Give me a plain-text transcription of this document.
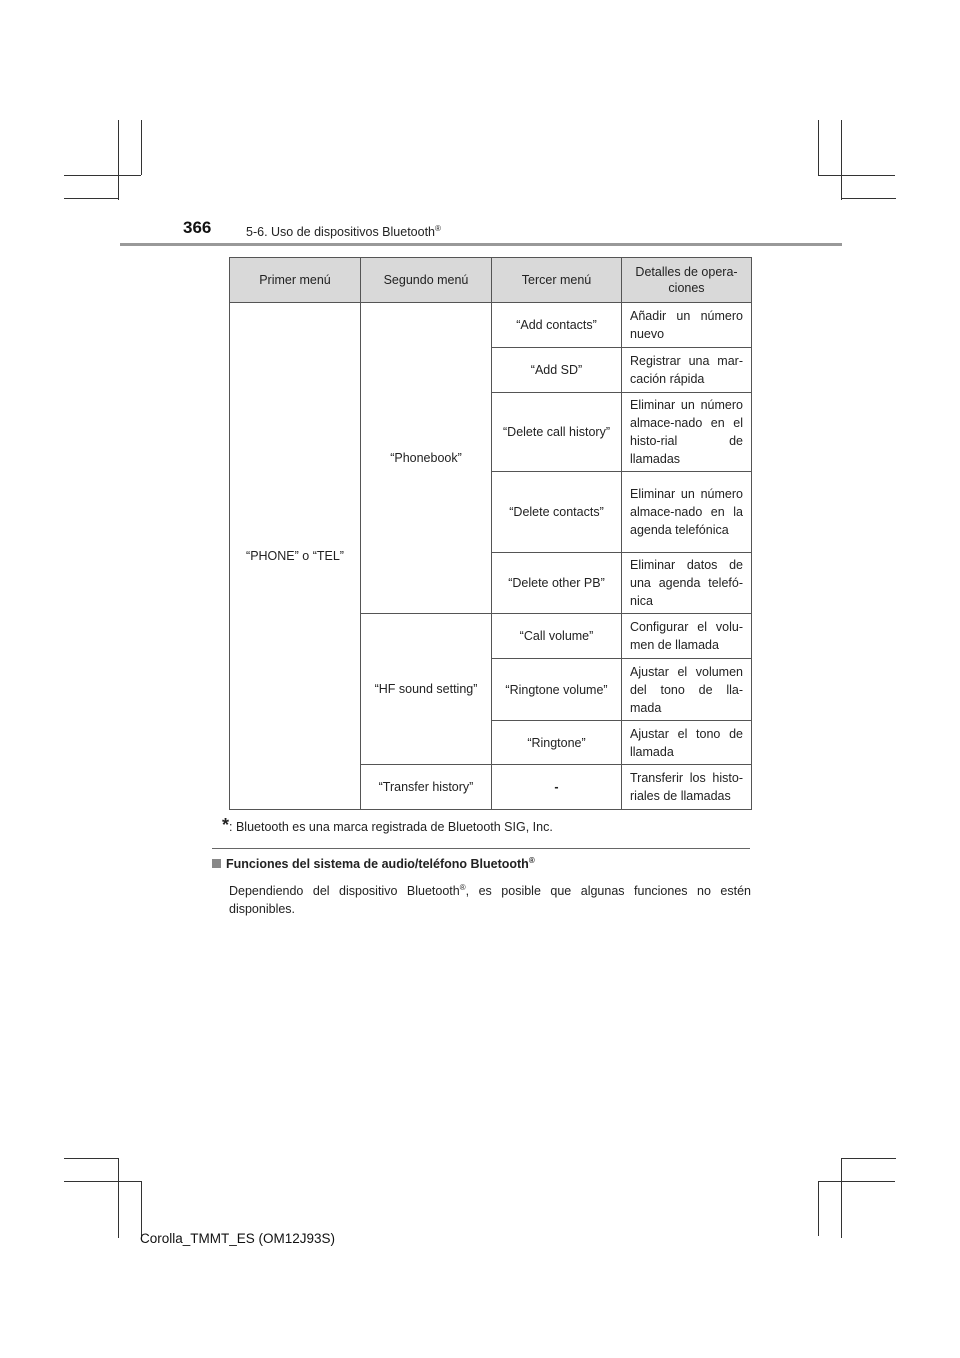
366	5-6. Uso de dispositivos Bluetooth®
Primer menú	Segundo menú	Tercer menú	Detalles de opera-ciones
“PHONE” o “TEL”	“Phonebook”	“Add contacts”	Añadir un número nuevo
		“Add SD”	Registrar una mar-cación rápida
		“Delete call history”	Eliminar un número almace-nado en el histo-rial de llamadas
		“Delete contacts”	Eliminar un número almace-nado en la agenda telefónica
		“Delete other PB”	Eliminar datos de una agenda telefó-nica
	“HF sound setting”	“Call volume”	Configurar el volu-men de llamada
		“Ringtone volume”	Ajustar el volumen del tono de lla-mada
		“Ringtone”	Ajustar el tono de llamada
	“Transfer history”	-	Transferir los histo-riales de llamadas
*: Bluetooth es una marca registrada de Bluetooth SIG, Inc.
Funciones del sistema de audio/teléfono Bluetooth®
Dependiendo del dispositivo Bluetooth®, es posible que algunas funciones no estén disponibles.
Corolla_TMMT_ES (OM12J93S)
